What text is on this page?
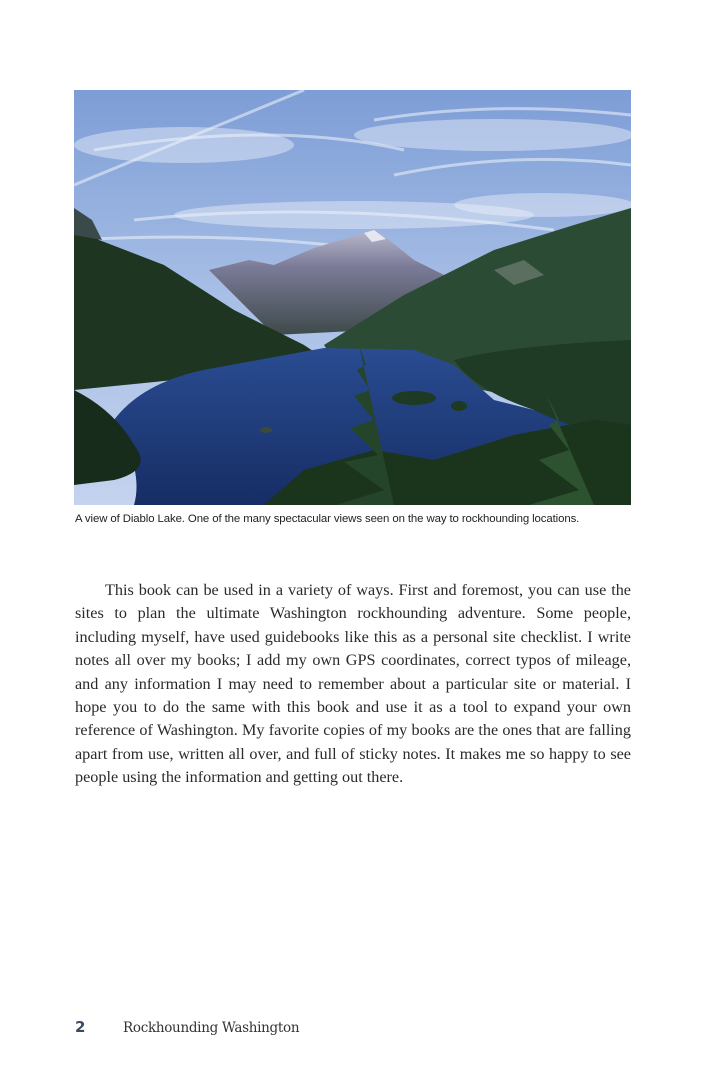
A view of Diablo Lake. One of the many spectacular views seen on the way to rockhounding locations.

This book can be used in a variety of ways. First and foremost, you can use the sites to plan the ultimate Washington rockhounding adventure. Some people, including myself, have used guidebooks like this as a personal site checklist. I write notes all over my books; I add my own GPS coordinates, correct typos of mileage, and any information I may need to remember about a particular site or material. I hope you to do the same with this book and use it as a tool to expand your own reference of Washington. My favorite copies of my books are the ones that are falling apart from use, written all over, and full of sticky notes. It makes me so happy to see people using the information and getting out there.

2	Rockhounding Washington
